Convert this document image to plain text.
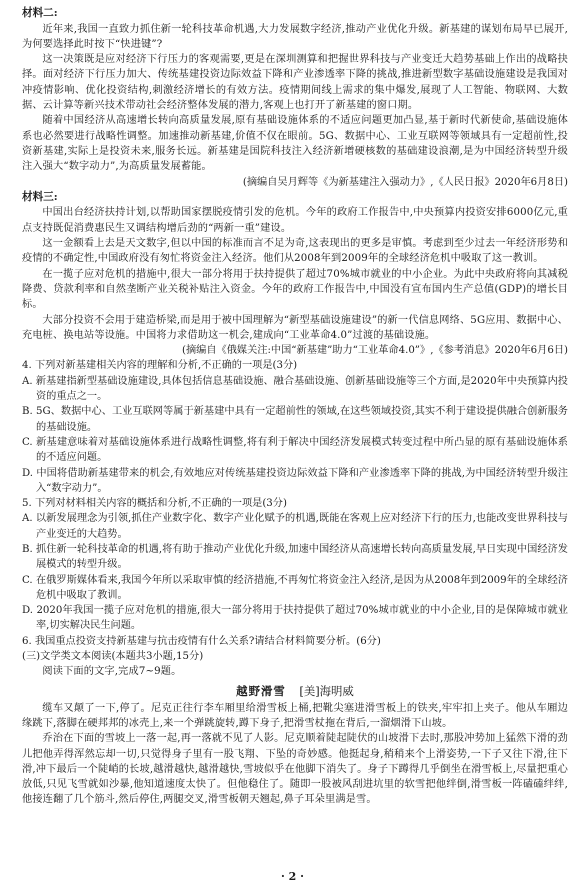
材料二:

近年来,我国一直致力抓住新一轮科技革命机遇,大力发展数字经济,推动产业优化升级。新基建的谋划布局早已展开,为何要选择此时按下“快进键”?

这一决策既是应对经济下行压力的客观需要,更是在深圳测算和把握世界科技与产业变迁大趋势基础上作出的战略抉择。面对经济下行压力加大、传统基建投资边际效益下降和产业渗透率下降的挑战,推进新型数字基础设施建设是我国对冲疫情影响、优化投资结构,刺激经济增长的有效方法。疫情期间线上需求的集中爆发,展现了人工智能、物联网、大数据、云计算等新兴技术带动社会经济整体发展的潜力,客观上也打开了新基建的窗口期。

随着中国经济从高速增长转向高质量发展,原有基础设施体系的不适应问题更加凸显,基于新时代新使命,基础设施体系也必然要进行战略性调整。加速推动新基建,价值不仅在眼前。5G、数据中心、工业互联网等领域具有一定超前性,投资新基建,实际上是投资未来,服务长远。新基建是国院科技注入经济新增硬核数的基础建设浪潮,是为中国经济转型升级注入强大“数字动力”,为高质量发展蓄能。

(摘编自吴月辉等《为新基建注入强动力》,《人民日报》2020年6月8日)

材料三:

中国出台经济扶持计划,以帮助国家摆脱疫情引发的危机。今年的政府工作报告中,中央预算内投资安排6000亿元,重点支持既促消费惠民生又调结构增后劲的“两新一重”建设。

这一金额看上去是天文数字,但以中国的标准而言不足为奇,这表现出的更多是审慎。考虑到至少过去一年经济形势和疫情的不确定性,中国政府没有匆忙将资金注入经济。他们从2008年到2009年的全球经济危机中吸取了这一教训。

在一揽子应对危机的措施中,很大一部分将用于扶持提供了超过70%城市就业的中小企业。为此中央政府将向其减税降费、贷款利率和自然垄断产业关税补贴注入资金。今年的政府工作报告中,中国没有宣布国内生产总值(GDP)的增长目标。

大部分投资不会用于建造桥梁,而是用于被中国理解为“新型基础设施建设”的新一代信息网络、5G应用、数据中心、充电桩、换电站等设施。中国将力求借助这一机会,建成向“工业革命4.0”过渡的基础设施。

(摘编自《俄媒关注:中国“新基建”助力“工业革命4.0”》,《参考消息》2020年6月6日)

4. 下列对新基建相关内容的理解和分析,不正确的一项是(3分)

A. 新基建指新型基础设施建设,具体包括信息基础设施、融合基础设施、创新基础设施等三个方面,是2020年中央预算内投资的重点之一。

B. 5G、数据中心、工业互联网等属于新基建中具有一定超前性的领域,在这些领域投资,其实不利于建设提供融合创新服务的基础设施。

C. 新基建意味着对基础设施体系进行战略性调整,将有利于解决中国经济发展模式转变过程中所凸显的原有基础设施体系的不适应问题。

D. 中国将借助新基建带来的机会,有效地应对传统基建投资边际效益下降和产业渗透率下降的挑战,为中国经济转型升级注入“数字动力”。

5. 下列对材料相关内容的概括和分析,不正确的一项是(3分)

A. 以新发展理念为引领,抓住产业数字化、数字产业化赋予的机遇,既能在客观上应对经济下行的压力,也能改变世界科技与产业变迁的大趋势。

B. 抓住新一轮科技革命的机遇,将有助于推动产业优化升级,加速中国经济从高速增长转向高质量发展,早日实现中国经济发展模式的转型升级。

C. 在俄罗斯媒体看来,我国今年所以采取审慎的经济措施,不再匆忙将资金注入经济,是因为从2008年到2009年的全球经济危机中吸取了教训。

D. 2020年我国一揽子应对危机的措施,很大一部分将用于扶持提供了超过70%城市就业的中小企业,目的是保障城市就业率,切实解决民生问题。

6. 我国重点投资支持新基建与抗击疫情有什么关系?请结合材料简要分析。(6分)

(三)文学类文本阅读(本题共3小题,15分)

阅读下面的文字,完成7~9题。

越野滑雪 [美]海明威

缆车又颠了一下,停了。尼克正往行李车厢里给滑雪板上桶,把靴尖塞进滑雪板上的铁夹,牢牢扣上夹子。他从车厢边缘跳下,落脚在硬邦邦的冰壳上,来一个弹跳旋转,蹲下身子,把滑雪杖拖在背后,一溜烟滑下山坡。

乔治在下面的雪坡上一落一起,再一落就不见了人影。尼克顺着陡起陡伏的山坡滑下去时,那股冲势加上猛然下滑的劲儿把他弄得浑然忘却一切,只觉得身子里有一股飞翔、下坠的奇妙感。他挺起身,稍稍来个上滑姿势,一下子又往下滑,往下滑,冲下最后一个陡峭的长坡,越滑越快,越滑越快,雪坡似乎在他脚下消失了。身子下蹲得几乎倒坐在滑雪板上,尽量把重心放低,只见飞雪就如沙暴,他知道速度太快了。但他稳住了。随即一股被风刮进坑里的软雪把他绊倒,滑雪板一阵磕磕绊绊,他接连翻了几个筋斗,然后停住,两腿交叉,滑雪板朝天翘起,鼻子耳朵里满是雪。

· 2 ·
